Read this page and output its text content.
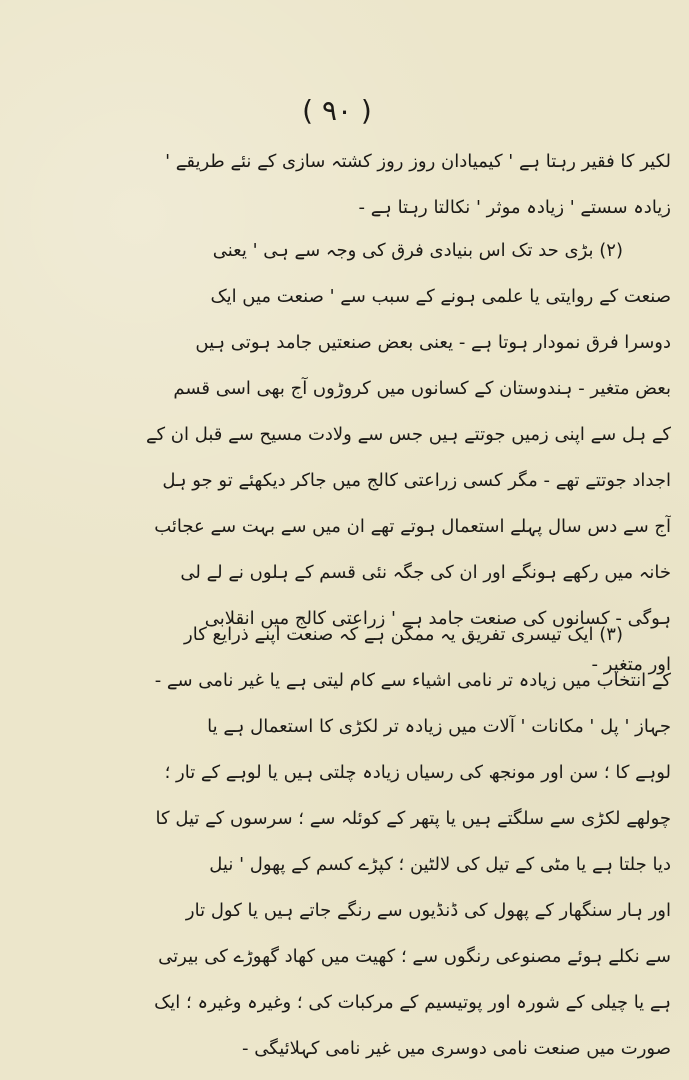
( ۹۰ )
لکیر کا فقیر رہتا ہے ' کیمیادان روز روز کشتہ سازی کے نئے طریقے '
زیادہ سستے ' زیادہ موثر ' نکالتا رہتا ہے -
(۲) بڑی حد تک اس بنیادی فرق کی وجہ سے ہی ' یعنی
صنعت کے روایتی یا علمی ہونے کے سبب سے ' صنعت میں ایک
دوسرا فرق نمودار ہوتا ہے - یعنی بعض صنعتیں جامد ہوتی ہیں
بعض متغیر - ہندوستان کے کسانوں میں کروڑوں آج بھی اسی قسم
کے ہل سے اپنی زمیں جوتتے ہیں جس سے ولادت مسیح سے قبل ان کے
اجداد جوتتے تھے - مگر کسی زراعتی کالج میں جاکر دیکھئے تو جو ہل
آج سے دس سال پہلے استعمال ہوتے تھے ان میں سے بہت سے عجائب
خانہ میں رکھے ہونگے اور ان کی جگہ نئی قسم کے ہلوں نے لے لی
ہوگی - کسانوں کی صنعت جامد ہے ' زراعتی کالج میں انقلابی
اور متغیر -
(۳) ایک تیسری تفریق یہ ممکن ہے کہ صنعت اپنے ذرایع کار
کے انتخاب میں زیادہ تر نامی اشیاء سے کام لیتی ہے یا غیر نامی سے -
جہاز ' پل ' مکانات ' آلات میں زیادہ تر لکڑی کا استعمال ہے یا
لوہے کا ؛ سن اور مونجھ کی رسیاں زیادہ چلتی ہیں یا لوہے کے تار ؛
چولھے لکڑی سے سلگتے ہیں یا پتھر کے کوئلہ سے ؛ سرسوں کے تیل کا
دیا جلتا ہے یا مٹی کے تیل کی لالٹین ؛ کپڑے کسم کے پھول ' نیل
اور ہار سنگھار کے پھول کی ڈنڈیوں سے رنگے جاتے ہیں یا کول تار
سے نکلے ہوئے مصنوعی رنگوں سے ؛ کھیت میں کھاد گھوڑے کی بیرتی
ہے یا چیلی کے شورہ اور پوتیسیم کے مرکبات کی ؛ وغیرہ وغیرہ ؛ ایک
صورت میں صنعت نامی دوسری میں غیر نامی کہلائیگی -
